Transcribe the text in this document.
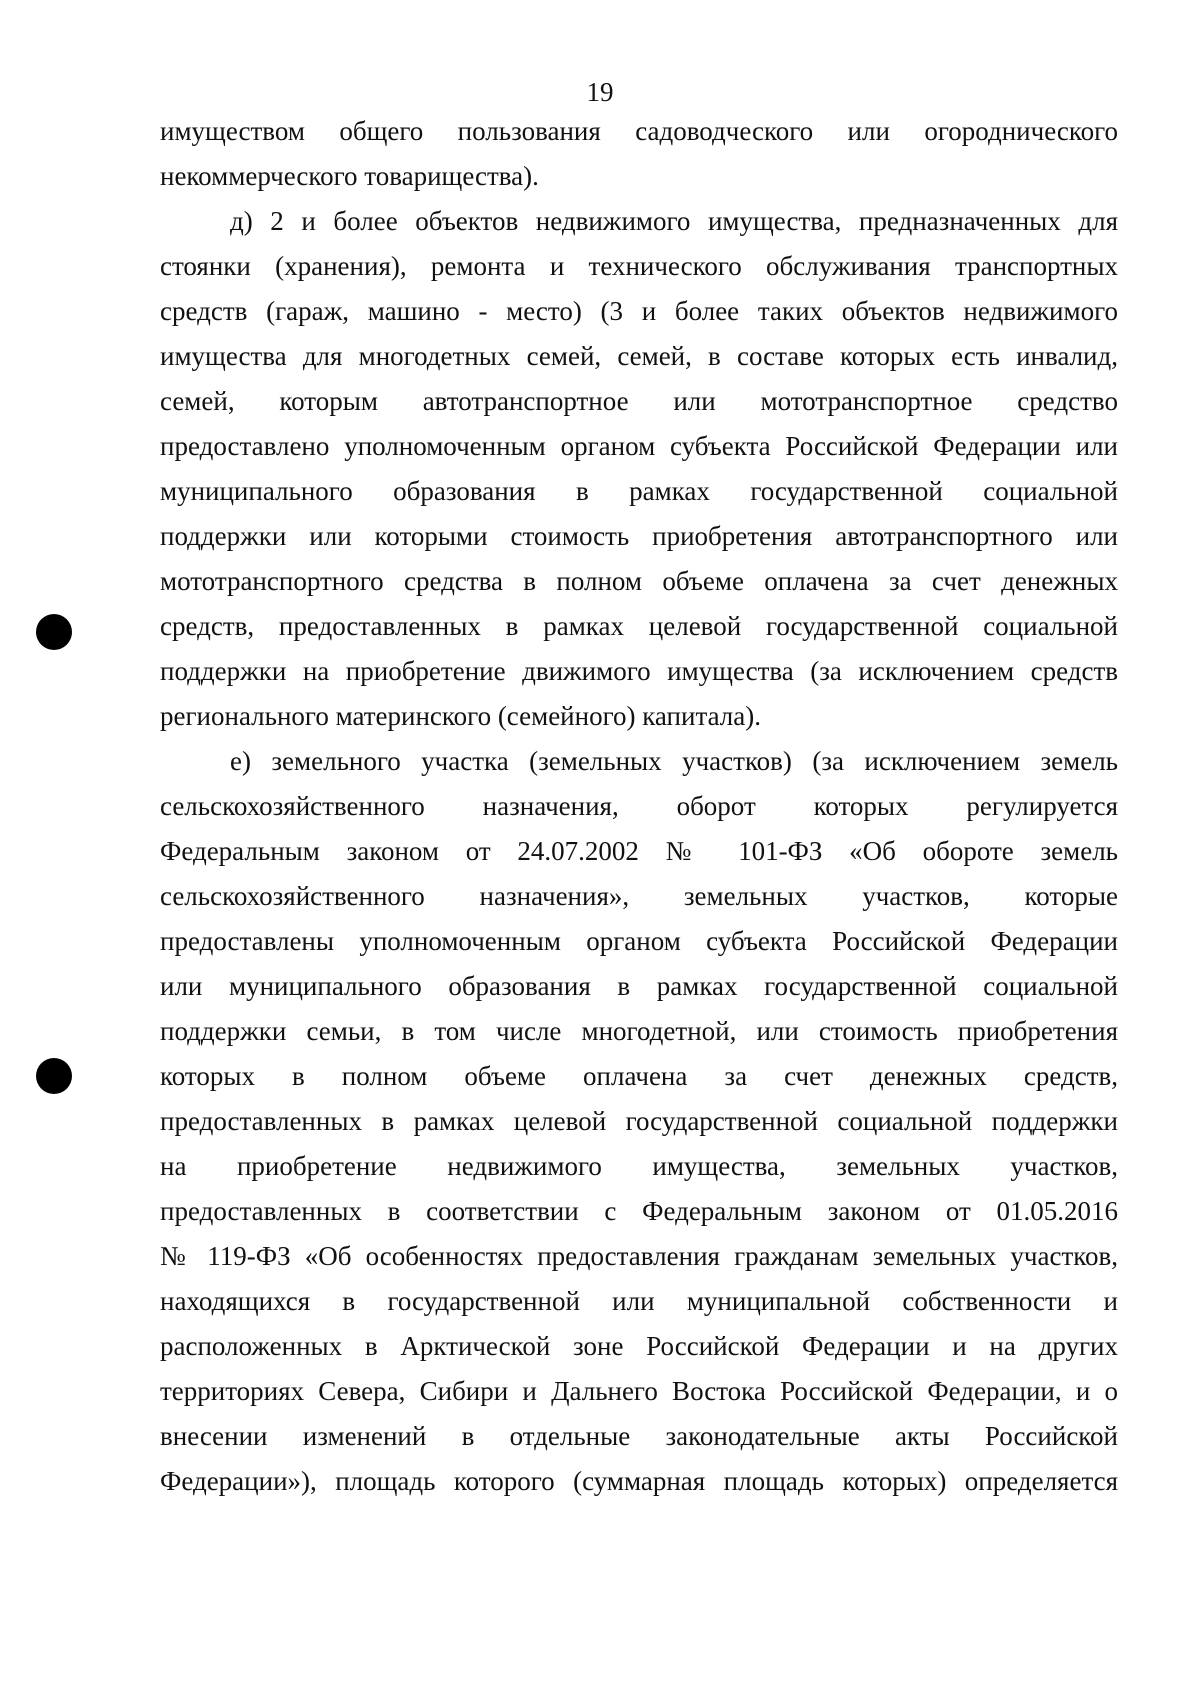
19
имуществом общего пользования садоводческого или огороднического
некоммерческого товарищества).
д) 2 и более объектов недвижимого имущества, предназначенных для
стоянки (хранения), ремонта и технического обслуживания транспортных
средств (гараж, машино - место) (3 и более таких объектов недвижимого
имущества для многодетных семей, семей, в составе которых есть инвалид,
семей, которым автотранспортное или мототранспортное средство
предоставлено уполномоченным органом субъекта Российской Федерации или
муниципального образования в рамках государственной социальной
поддержки или которыми стоимость приобретения автотранспортного или
мототранспортного средства в полном объеме оплачена за счет денежных
средств, предоставленных в рамках целевой государственной социальной
поддержки на приобретение движимого имущества (за исключением средств
регионального материнского (семейного) капитала).
е) земельного участка (земельных участков) (за исключением земель
сельскохозяйственного назначения, оборот которых регулируется
Федеральным законом от 24.07.2002 № 101-ФЗ «Об обороте земель
сельскохозяйственного назначения», земельных участков, которые
предоставлены уполномоченным органом субъекта Российской Федерации
или муниципального образования в рамках государственной социальной
поддержки семьи, в том числе многодетной, или стоимость приобретения
которых в полном объеме оплачена за счет денежных средств,
предоставленных в рамках целевой государственной социальной поддержки
на приобретение недвижимого имущества, земельных участков,
предоставленных в соответствии с Федеральным законом от 01.05.2016
№ 119-ФЗ «Об особенностях предоставления гражданам земельных участков,
находящихся в государственной или муниципальной собственности и
расположенных в Арктической зоне Российской Федерации и на других
территориях Севера, Сибири и Дальнего Востока Российской Федерации, и о
внесении изменений в отдельные законодательные акты Российской
Федерации»), площадь которого (суммарная площадь которых) определяется
